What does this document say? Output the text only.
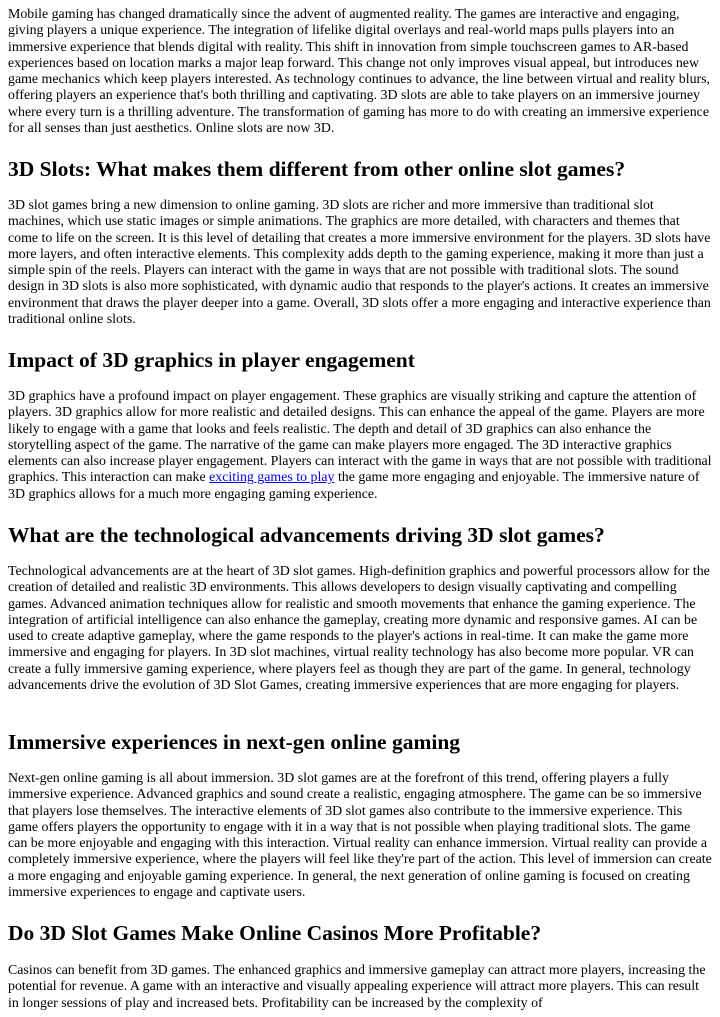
Mobile gaming has changed dramatically since the advent of augmented reality. The games are interactive and engaging, giving players a unique experience. The integration of lifelike digital overlays and real-world maps pulls players into an immersive experience that blends digital with reality. This shift in innovation from simple touchscreen games to AR-based experiences based on location marks a major leap forward. This change not only improves visual appeal, but introduces new game mechanics which keep players interested. As technology continues to advance, the line between virtual and reality blurs, offering players an experience that's both thrilling and captivating. 3D slots are able to take players on an immersive journey where every turn is a thrilling adventure. The transformation of gaming has more to do with creating an immersive experience for all senses than just aesthetics. Online slots are now 3D.

3D Slots: What makes them different from other online slot games?

3D slot games bring a new dimension to online gaming. 3D slots are richer and more immersive than traditional slot machines, which use static images or simple animations. The graphics are more detailed, with characters and themes that come to life on the screen. It is this level of detailing that creates a more immersive environment for the players. 3D slots have more layers, and often interactive elements. This complexity adds depth to the gaming experience, making it more than just a simple spin of the reels. Players can interact with the game in ways that are not possible with traditional slots. The sound design in 3D slots is also more sophisticated, with dynamic audio that responds to the player's actions. It creates an immersive environment that draws the player deeper into a game. Overall, 3D slots offer a more engaging and interactive experience than traditional online slots.

Impact of 3D graphics in player engagement

3D graphics have a profound impact on player engagement. These graphics are visually striking and capture the attention of players. 3D graphics allow for more realistic and detailed designs. This can enhance the appeal of the game. Players are more likely to engage with a game that looks and feels realistic. The depth and detail of 3D graphics can also enhance the storytelling aspect of the game. The narrative of the game can make players more engaged. The 3D interactive graphics elements can also increase player engagement. Players can interact with the game in ways that are not possible with traditional graphics. This interaction can make exciting games to play the game more engaging and enjoyable. The immersive nature of 3D graphics allows for a much more engaging gaming experience.

What are the technological advancements driving 3D slot games?

Technological advancements are at the heart of 3D slot games. High-definition graphics and powerful processors allow for the creation of detailed and realistic 3D environments. This allows developers to design visually captivating and compelling games. Advanced animation techniques allow for realistic and smooth movements that enhance the gaming experience. The integration of artificial intelligence can also enhance the gameplay, creating more dynamic and responsive games. AI can be used to create adaptive gameplay, where the game responds to the player's actions in real-time. It can make the game more immersive and engaging for players. In 3D slot machines, virtual reality technology has also become more popular. VR can create a fully immersive gaming experience, where players feel as though they are part of the game. In general, technology advancements drive the evolution of 3D Slot Games, creating immersive experiences that are more engaging for players.

Immersive experiences in next-gen online gaming

Next-gen online gaming is all about immersion. 3D slot games are at the forefront of this trend, offering players a fully immersive experience. Advanced graphics and sound create a realistic, engaging atmosphere. The game can be so immersive that players lose themselves. The interactive elements of 3D slot games also contribute to the immersive experience. This game offers players the opportunity to engage with it in a way that is not possible when playing traditional slots. The game can be more enjoyable and engaging with this interaction. Virtual reality can enhance immersion. Virtual reality can provide a completely immersive experience, where the players will feel like they're part of the action. This level of immersion can create a more engaging and enjoyable gaming experience. In general, the next generation of online gaming is focused on creating immersive experiences to engage and captivate users.

Do 3D Slot Games Make Online Casinos More Profitable?

Casinos can benefit from 3D games. The enhanced graphics and immersive gameplay can attract more players, increasing the potential for revenue. A game with an interactive and visually appealing experience will attract more players. This can result in longer sessions of play and increased bets. Profitability can be increased by the complexity of
